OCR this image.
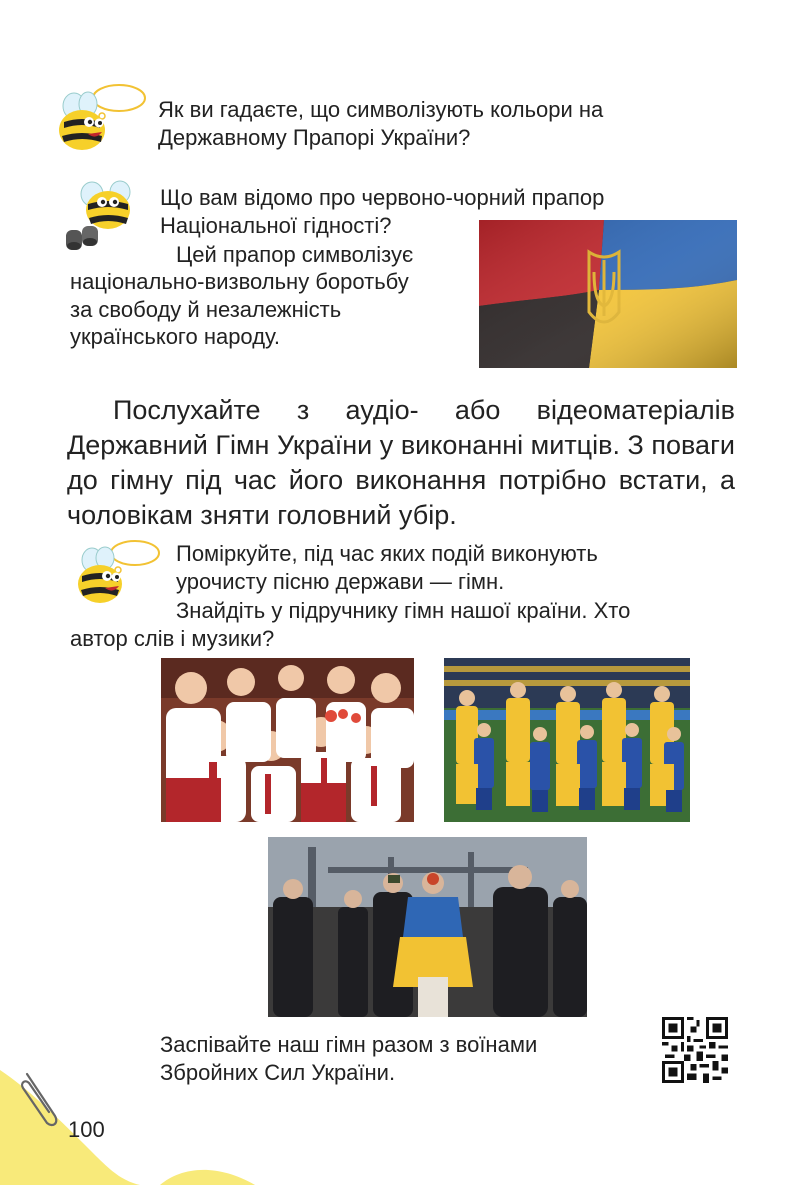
Як ви гадаєте, що символізують кольори на Державному Прапорі України?
Що вам відомо про червоно-чорний прапор
Національної гідності?
Цей прапор символізує
національно-визвольну боротьбу
за свободу й незалежність
українського народу.
Послухайте з аудіо- або відеоматеріалів Державний Гімн України у виконанні митців. З поваги до гімну під час його виконання потрібно встати, а чоловікам зняти головний убір.
Поміркуйте, під час яких подій виконують
урочисту пісню держави — гімн.
Знайдіть у підручнику гімн нашої країни. Хто
автор слів і музики?
Заспівайте наш гімн разом з воїнами Збройних Сил України.
100
